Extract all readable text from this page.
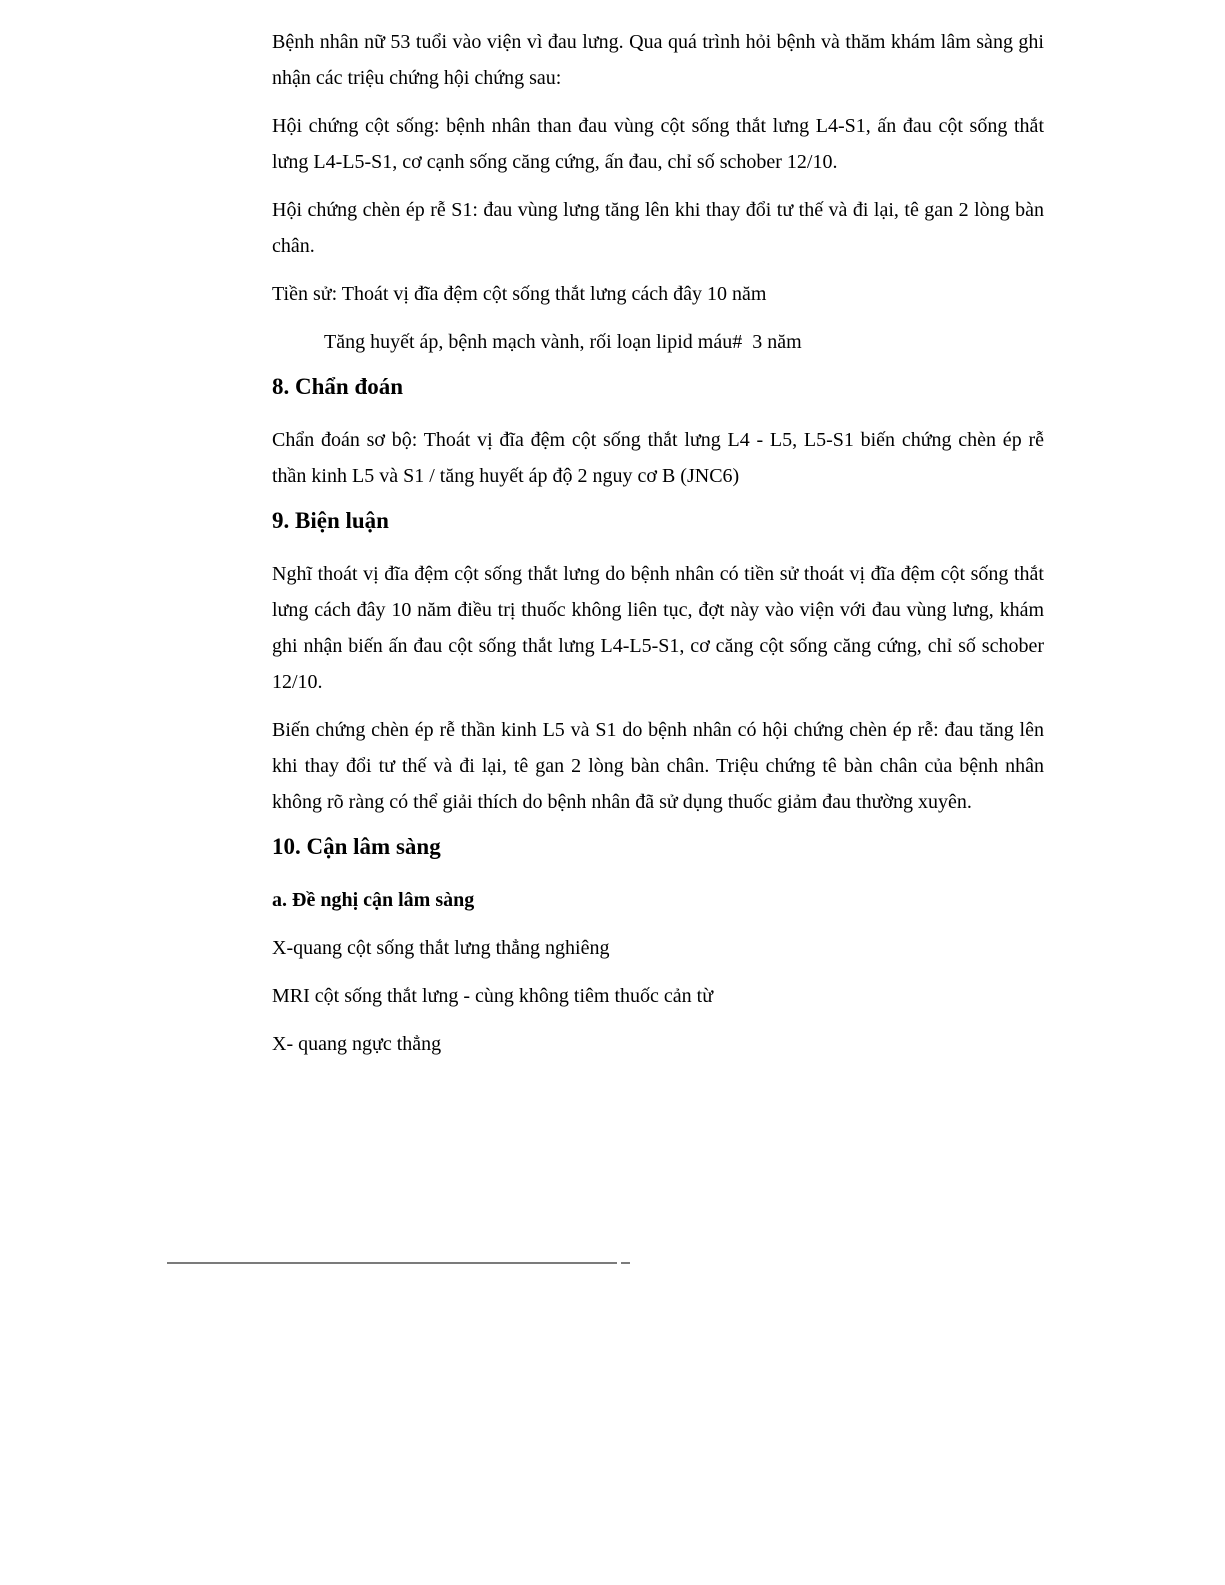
Bệnh nhân nữ 53 tuổi vào viện vì đau lưng. Qua quá trình hỏi bệnh và thăm khám lâm sàng ghi nhận các triệu chứng hội chứng sau:

Hội chứng cột sống: bệnh nhân than đau vùng cột sống thắt lưng L4-S1, ấn đau cột sống thắt lưng L4-L5-S1, cơ cạnh sống căng cứng, ấn đau, chỉ số schober 12/10.

Hội chứng chèn ép rễ S1: đau vùng lưng tăng lên khi thay đổi tư thế và đi lại, tê gan 2 lòng bàn chân.

Tiền sử: Thoát vị đĩa đệm cột sống thắt lưng cách đây 10 năm

Tăng huyết áp, bệnh mạch vành, rối loạn lipid máu#  3 năm

8. Chẩn đoán

Chẩn đoán sơ bộ: Thoát vị đĩa đệm cột sống thắt lưng L4 - L5, L5-S1 biến chứng chèn ép rễ thần kinh L5 và S1 / tăng huyết áp độ 2 nguy cơ B (JNC6)

9. Biện luận

Nghĩ thoát vị đĩa đệm cột sống thắt lưng do bệnh nhân có tiền sử thoát vị đĩa đệm cột sống thắt lưng cách đây 10 năm điều trị thuốc không liên tục, đợt này vào viện với đau vùng lưng, khám ghi nhận biến ấn đau cột sống thắt lưng L4-L5-S1, cơ căng cột sống căng cứng, chỉ số schober 12/10.

Biến chứng chèn ép rễ thần kinh L5 và S1 do bệnh nhân có hội chứng chèn ép rễ: đau tăng lên khi thay đổi tư thế và đi lại, tê gan 2 lòng bàn chân. Triệu chứng tê bàn chân của bệnh nhân không rõ ràng có thể giải thích do bệnh nhân đã sử dụng thuốc giảm đau thường xuyên.

10. Cận lâm sàng
a. Đề nghị cận lâm sàng

X-quang cột sống thắt lưng thẳng nghiêng

MRI cột sống thắt lưng - cùng không tiêm thuốc cản từ

X- quang ngực thẳng
